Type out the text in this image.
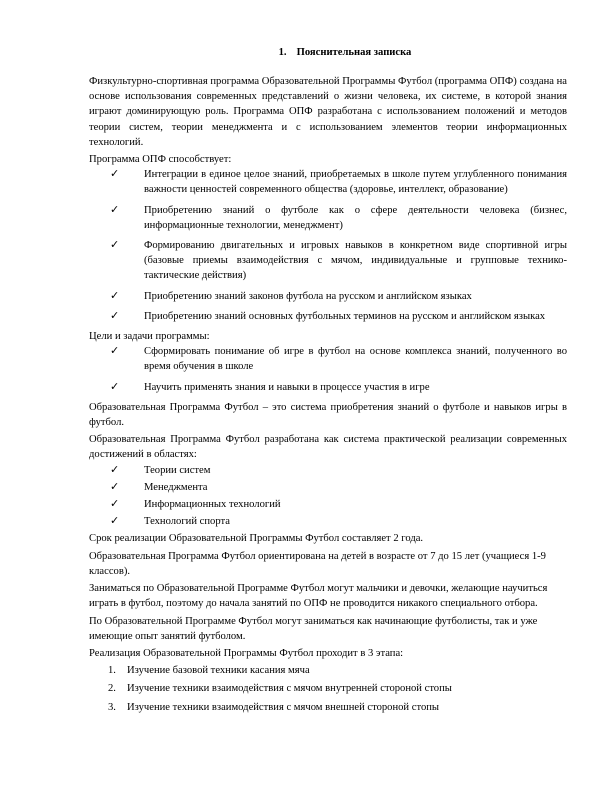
1. Пояснительная записка

Физкультурно-спортивная программа Образовательной Программы Футбол (программа ОПФ) создана на основе использования современных представлений о жизни человека, их системе, в которой знания играют доминирующую роль. Программа ОПФ разработана с использованием положений и методов теории систем, теории менеджмента и с использованием элементов теории информационных технологий.

Программа ОПФ способствует:

✓ Интеграции в единое целое знаний, приобретаемых в школе путем углубленного понимания важности ценностей современного общества (здоровье, интеллект, образование)
✓ Приобретению знаний о футболе как о сфере деятельности человека (бизнес, информационные технологии, менеджмент)
✓ Формированию двигательных и игровых навыков в конкретном виде спортивной игры (базовые приемы взаимодействия с мячом, индивидуальные и групповые технико-тактические действия)
✓ Приобретению знаний законов футбола на русском и английском языках
✓ Приобретению знаний основных футбольных терминов на русском и английском языках

Цели и задачи программы:

✓ Сформировать понимание об игре в футбол на основе комплекса знаний, полученного во время обучения в школе
✓ Научить применять знания и навыки в процессе участия в игре

Образовательная Программа Футбол – это система приобретения знаний о футболе и навыков игры в футбол.

Образовательная Программа Футбол разработана как система практической реализации современных достижений в областях:

✓ Теории систем
✓ Менеджмента
✓ Информационных технологий
✓ Технологий спорта

Срок реализации Образовательной Программы Футбол составляет 2 года.

Образовательная Программа Футбол ориентирована на детей в возрасте от 7 до 15 лет (учащиеся 1-9 классов).

Заниматься по Образовательной Программе Футбол могут мальчики и девочки, желающие научиться играть в футбол, поэтому до начала занятий по ОПФ не проводится никакого специального отбора.

По Образовательной Программе Футбол могут заниматься как начинающие футболисты, так и уже имеющие опыт занятий футболом.

Реализация Образовательной Программы Футбол проходит в 3 этапа:

1. Изучение базовой техники касания мяча
2. Изучение техники взаимодействия с мячом внутренней стороной стопы
3. Изучение техники взаимодействия с мячом внешней стороной стопы
